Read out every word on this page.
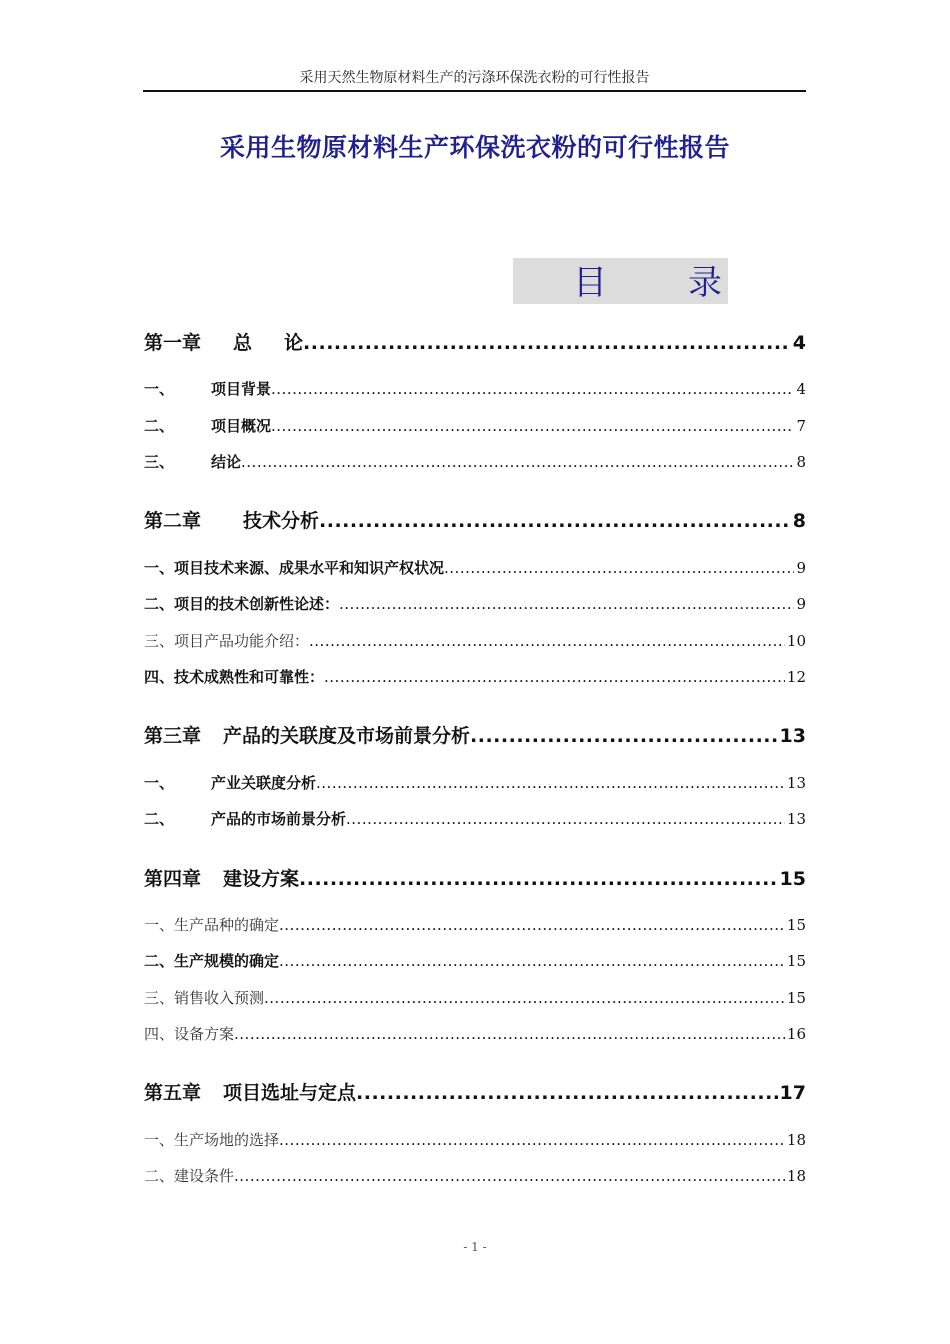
采用天然生物原材料生产的污涤环保洗衣粉的可行性报告
采用生物原材料生产环保洗衣粉的可行性报告
目 录
第一章 总 论 .....	4
一、	项目背景 .....	4
二、	项目概况 .....	7
三、	结论 .....	8
第二章 技术分析 .....	8
一、项目技术来源、成果水平和知识产权状况 .....	9
二、项目的技术创新性论述： .....	9
三、项目产品功能介绍： .....	10
四、技术成熟性和可靠性： .....	12
第三章 产品的关联度及市场前景分析 .....	13
一、	产业关联度分析 .....	13
二、	产品的市场前景分析 .....	13
第四章 建设方案 .....	15
一、生产品种的确定 .....	15
二、生产规模的确定 .....	15
三、销售收入预测 .....	15
四、设备方案 .....	16
第五章 项目选址与定点 .....	17
一、生产场地的选择 .....	18
二、建设条件 .....	18
- 1 -
